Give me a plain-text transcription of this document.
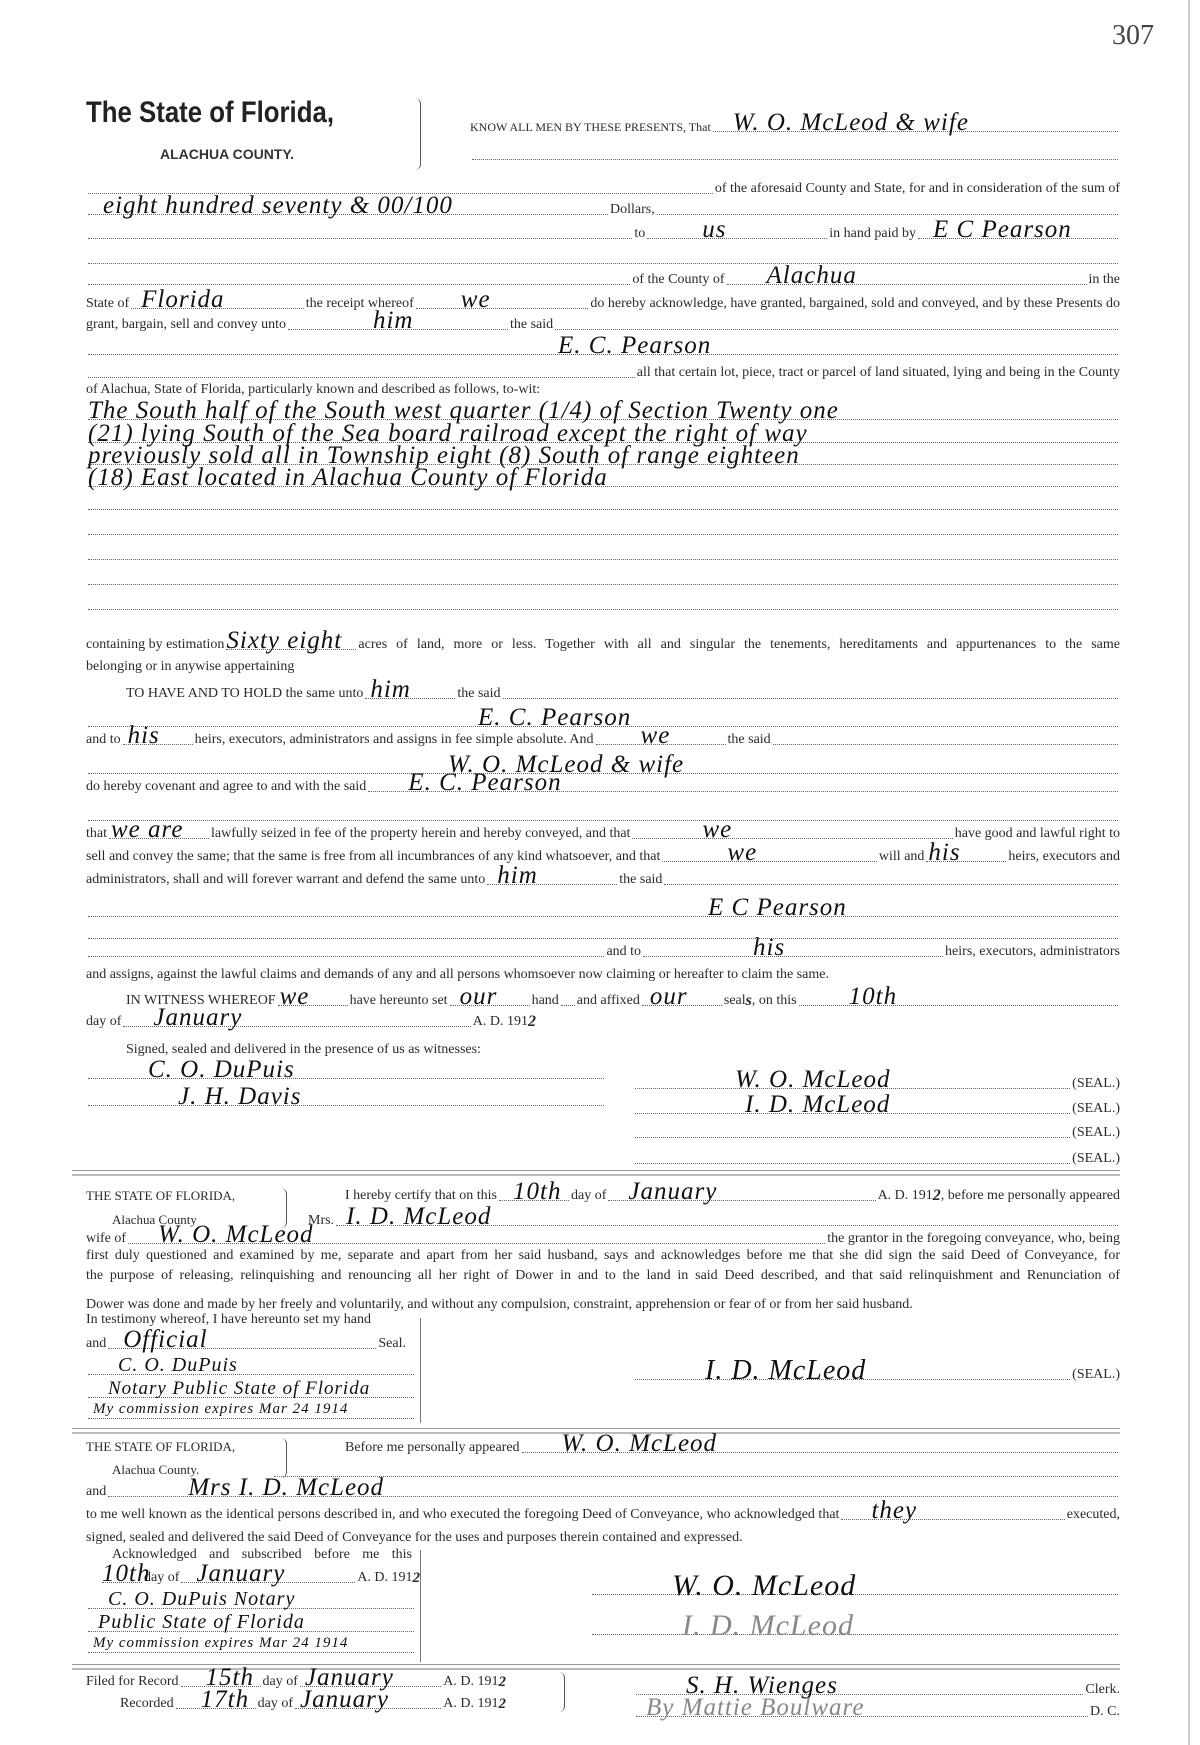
307
The State of Florida,
ALACHUA COUNTY.
KNOW ALL MEN BY THESE PRESENTS, That W. O. McLeod & wife
of the aforesaid County and State, for and in consideration of the sum of
eight hundred seventy & 00/100	Dollars,
to us	in hand paid by E C Pearson
of the County of Alachua	in the
State of Florida	the receipt whereof we	do hereby acknowledge, have granted, bargained, sold and conveyed, and by these Presents do
grant, bargain, sell and convey unto	him	the said
E. C. Pearson
all that certain lot, piece, tract or parcel of land situated, lying and being in the County
of Alachua, State of Florida, particularly known and described as follows, to-wit:
The South half of the South west quarter (1/4) of Section Twenty one
(21) lying South of the Sea board railroad except the right of way
previously sold all in Township eight (8) South of range eighteen
(18) East located in Alachua County of Florida
containing by estimation Sixty eight acres of land, more or less. Together with all and singular the tenements, hereditaments and appurtenances to the same
belonging or in anywise appertaining
TO HAVE AND TO HOLD the same unto him	the said
E. C. Pearson
and to his heirs, executors, administrators and assigns in fee simple absolute. And we	the said
W. O. McLeod & wife
do hereby covenant and agree to and with the said E. C. Pearson
that we are lawfully seized in fee of the property herein and hereby conveyed, and that	we	have good and lawful right to
sell and convey the same; that the same is free from all incumbrances of any kind whatsoever, and that	we	will and his	heirs, executors and
administrators, shall and will forever warrant and defend the same unto him	the said
E C Pearson
and to	his	heirs, executors, administrators
and assigns, against the lawful claims and demands of any and all persons whomsoever now claiming or hereafter to claim the same.
IN WITNESS WHEREOF we	have hereunto set our hand and affixed our	seal s , on this 10th
day of January	A. D. 191 2
Signed, sealed and delivered in the presence of us as witnesses:
C. O. DuPuis
J. H. Davis
W. O. McLeod	(SEAL.)
I. D. McLeod	(SEAL.)
(SEAL.)
(SEAL.)
THE STATE OF FLORIDA,
Alachua County
I hereby certify that on this 10th day of January	A. D. 191 2 , before me personally appeared
Mrs. I. D. McLeod
wife of W. O. McLeod	the grantor in the foregoing conveyance, who, being
first duly questioned and examined by me, separate and apart from her said husband, says and acknowledges before me that she did sign the said Deed of Conveyance, for
the purpose of releasing, relinquishing and renouncing all her right of Dower in and to the land in said Deed described, and that said relinquishment and Renunciation of
Dower was done and made by her freely and voluntarily, and without any compulsion, constraint, apprehension or fear of or from her said husband.
In testimony whereof, I have hereunto set my hand
and Official	Seal.
C. O. DuPuis
Notary Public State of Florida
My commission expires Mar 24 1914
I. D. McLeod	(SEAL.)
THE STATE OF FLORIDA,
Alachua County.
Before me personally appeared W. O. McLeod
and	Mrs I. D. McLeod
to me well known as the identical persons described in, and who executed the foregoing Deed of Conveyance, who acknowledged that they	executed,
signed, sealed and delivered the said Deed of Conveyance for the uses and purposes therein contained and expressed.
Acknowledged and subscribed before me this
10th
day of January	A. D. 191 2
C. O. DuPuis Notary
Public State of Florida
My commission expires Mar 24 1914
W. O. McLeod
I. D. McLeod
Filed for Record 15th day of January	A. D. 191 2
Recorded 17th day of January	A. D. 191 2
S. H. Wienges	Clerk.
By Mattie Boulware	D. C.
